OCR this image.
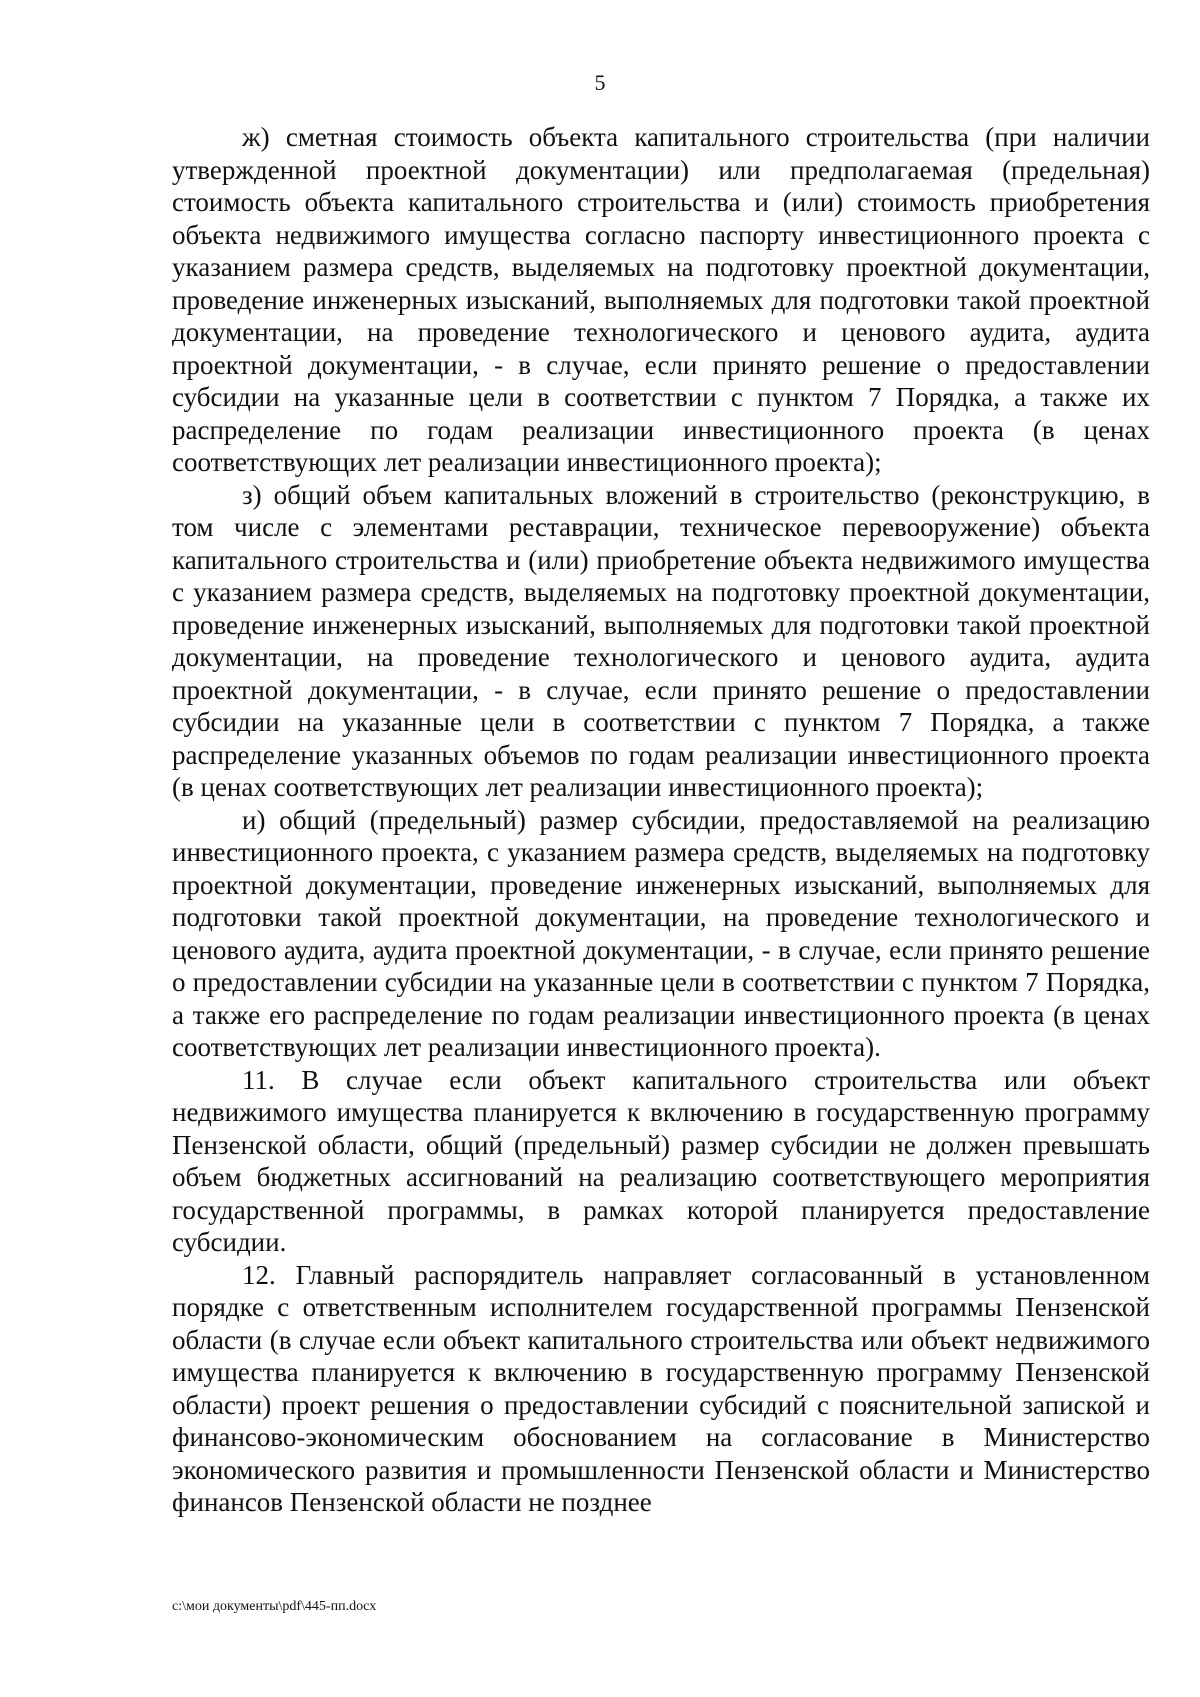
5

ж) сметная стоимость объекта капитального строительства (при наличии утвержденной проектной документации) или предполагаемая (предельная) стоимость объекта капитального строительства и (или) стоимость приобретения объекта недвижимого имущества согласно паспорту инвестиционного проекта с указанием размера средств, выделяемых на подготовку проектной документации, проведение инженерных изысканий, выполняемых для подготовки такой проектной документации, на проведение технологического и ценового аудита, аудита проектной документации, - в случае, если принято решение о предоставлении субсидии на указанные цели в соответствии с пунктом 7 Порядка, а также их распределение по годам реализации инвестиционного проекта (в ценах соответствующих лет реализации инвестиционного проекта);

з) общий объем капитальных вложений в строительство (реконструкцию, в том числе с элементами реставрации, техническое перевооружение) объекта капитального строительства и (или) приобретение объекта недвижимого имущества с указанием размера средств, выделяемых на подготовку проектной документации, проведение инженерных изысканий, выполняемых для подготовки такой проектной документации, на проведение технологического и ценового аудита, аудита проектной документации, - в случае, если принято решение о предоставлении субсидии на указанные цели в соответствии с пунктом 7 Порядка, а также распределение указанных объемов по годам реализации инвестиционного проекта (в ценах соответствующих лет реализации инвестиционного проекта);

и) общий (предельный) размер субсидии, предоставляемой на реализацию инвестиционного проекта, с указанием размера средств, выделяемых на подготовку проектной документации, проведение инженерных изысканий, выполняемых для подготовки такой проектной документации, на проведение технологического и ценового аудита, аудита проектной документации, - в случае, если принято решение о предоставлении субсидии на указанные цели в соответствии с пунктом 7 Порядка, а также его распределение по годам реализации инвестиционного проекта (в ценах соответствующих лет реализации инвестиционного проекта).

11. В случае если объект капитального строительства или объект недвижимого имущества планируется к включению в государственную программу Пензенской области, общий (предельный) размер субсидии не должен превышать объем бюджетных ассигнований на реализацию соответствующего мероприятия государственной программы, в рамках которой планируется предоставление субсидии.

12. Главный распорядитель направляет согласованный в установленном порядке с ответственным исполнителем государственной программы Пензенской области (в случае если объект капитального строительства или объект недвижимого имущества планируется к включению в государственную программу Пензенской области) проект решения о предоставлении субсидий с пояснительной запиской и финансово-экономическим обоснованием на согласование в Министерство экономического развития и промышленности Пензенской области и Министерство финансов Пензенской области не позднее

c:\мои документы\pdf\445-пп.docx
